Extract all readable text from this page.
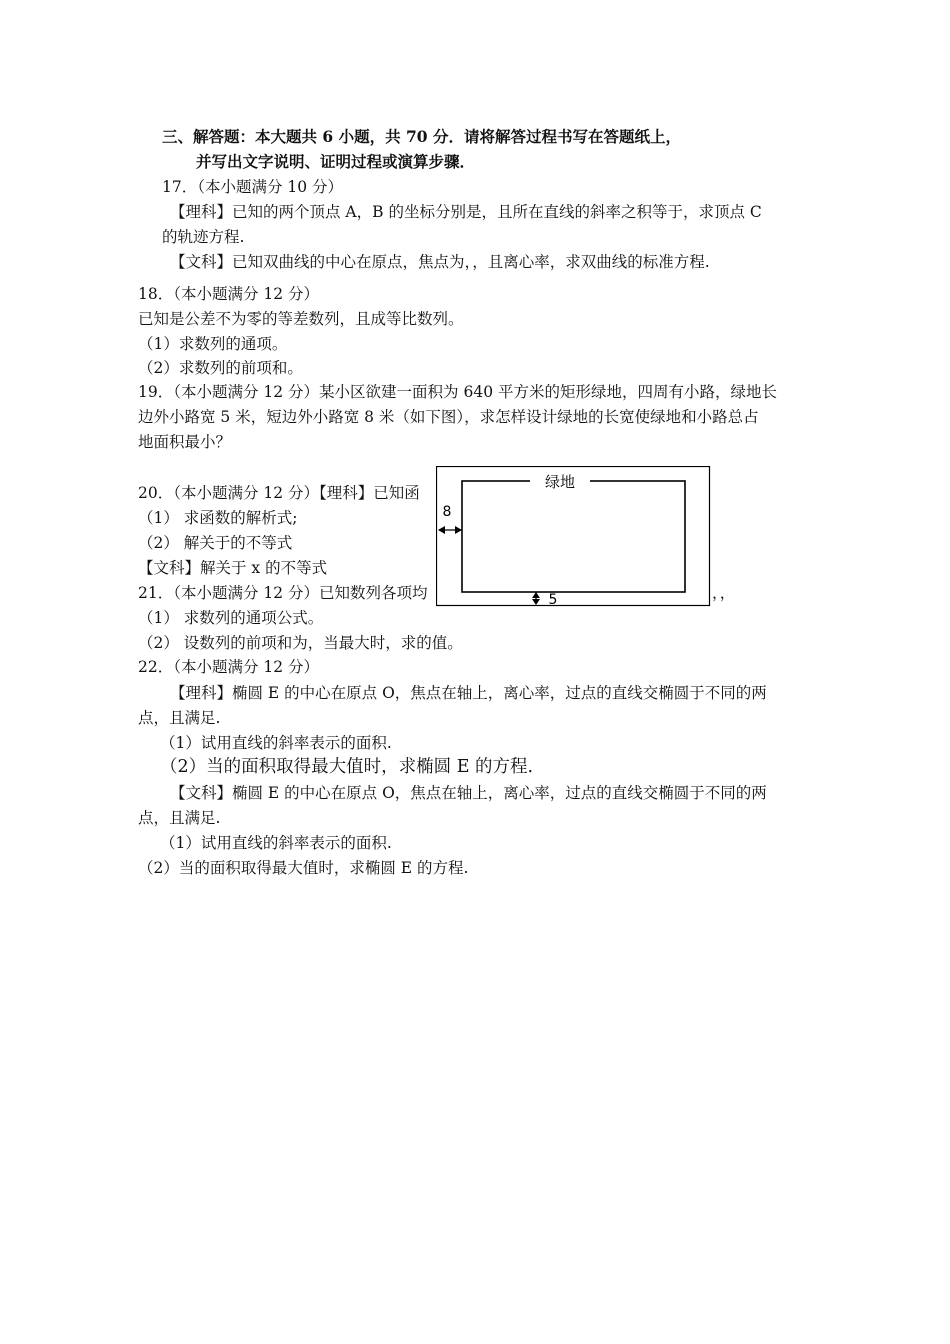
三、解答题：本大题共 6 小题，共 70 分．请将解答过程书写在答题纸上，
并写出文字说明、证明过程或演算步骤．
17．（本小题满分 10 分）
【理科】已知的两个顶点 A，B 的坐标分别是，且所在直线的斜率之积等于，求顶点 C
的轨迹方程.
【文科】已知双曲线的中心在原点，焦点为，，且离心率，求双曲线的标准方程.
18．（本小题满分 12 分）
已知是公差不为零的等差数列，且成等比数列。
（1）求数列的通项。
（2）求数列的前项和。
19．（本小题满分 12 分）某小区欲建一面积为 640 平方米的矩形绿地，四周有小路，绿地长
边外小路宽 5 米，短边外小路宽 8 米（如下图），求怎样设计绿地的长宽使绿地和小路总占
地面积最小？
20．（本小题满分 12 分）【理科】已知函
（1） 求函数的解析式;
（2） 解关于的不等式
【文科】解关于 x 的不等式
21．（本小题满分 12 分）已知数列各项均	，，
（1） 求数列的通项公式。
（2） 设数列的前项和为，当最大时，求的值。
22．（本小题满分 12 分）
【理科】椭圆 E 的中心在原点 O，焦点在轴上，离心率，过点的直线交椭圆于不同的两
点，且满足.
（1）试用直线的斜率表示的面积.
（2）当的面积取得最大值时，求椭圆 E 的方程.
【文科】椭圆 E 的中心在原点 O，焦点在轴上，离心率，过点的直线交椭圆于不同的两
点，且满足.
（1）试用直线的斜率表示的面积.
（2）当的面积取得最大值时，求椭圆 E 的方程.
绿地
8
5
